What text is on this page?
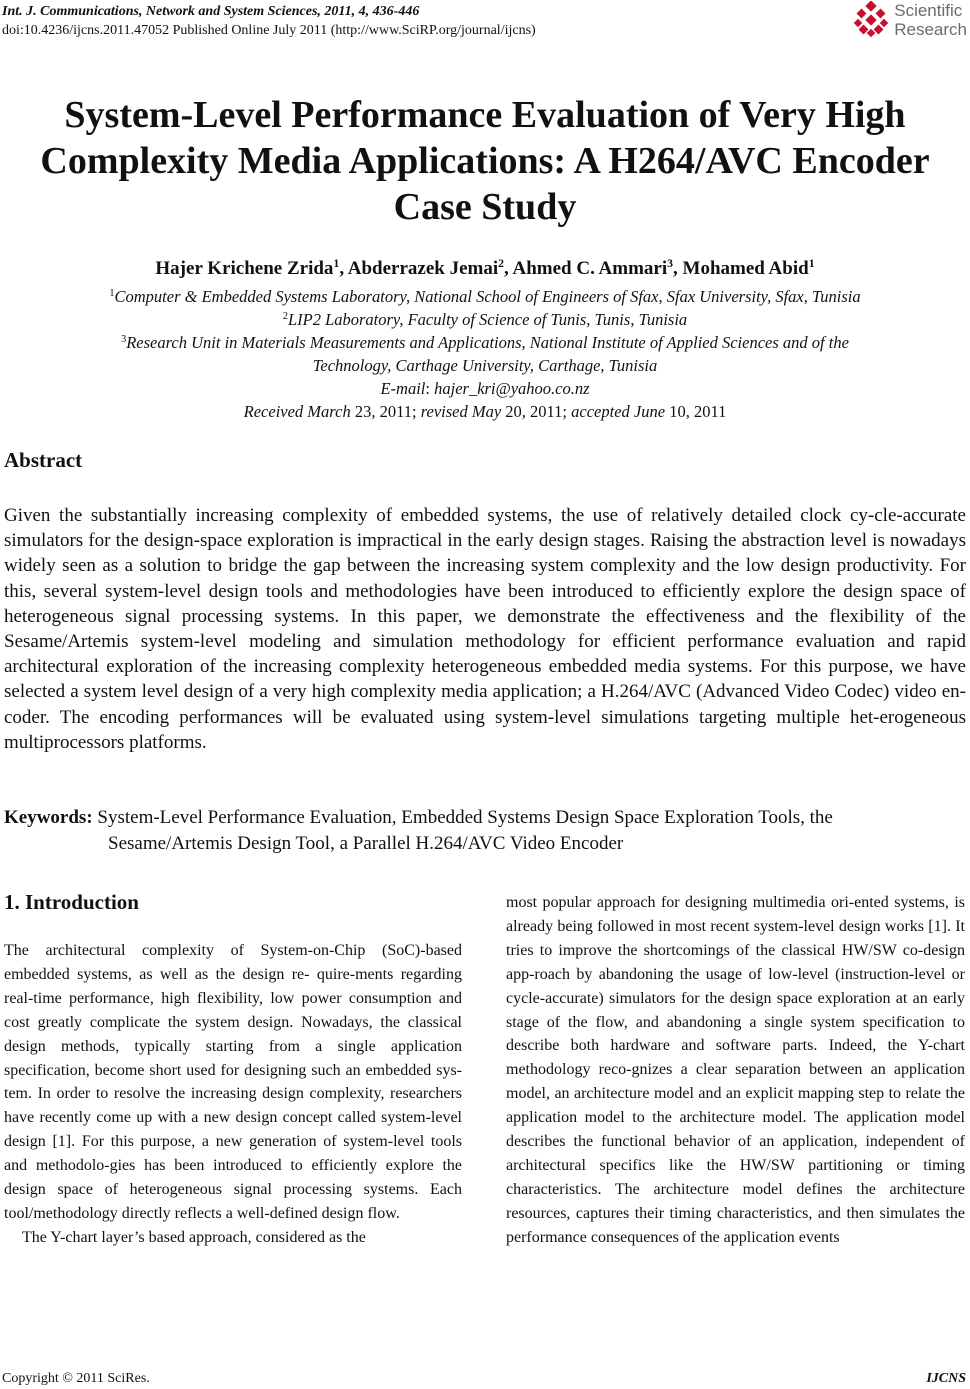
Int. J. Communications, Network and System Sciences, 2011, 4, 436-446
doi:10.4236/ijcns.2011.47052 Published Online July 2011 (http://www.SciRP.org/journal/ijcns)
Scientific
Research
System-Level Performance Evaluation of Very High
Complexity Media Applications: A H264/AVC Encoder
Case Study
Hajer Krichene Zrida$^1$, Abderrazek Jemai$^2$, Ahmed C. Ammari$^3$, Mohamed Abid$^1$
$^1$Computer & Embedded Systems Laboratory, National School of Engineers of Sfax, Sfax University, Sfax, Tunisia
$^2$LIP2 Laboratory, Faculty of Science of Tunis, Tunis, Tunisia
$^3$Research Unit in Materials Measurements and Applications, National Institute of Applied Sciences and of the
Technology, Carthage University, Carthage, Tunisia
E-mail: hajer_kri@yahoo.co.nz
Received March 23, 2011; revised May 20, 2011; accepted June 10, 2011
Abstract

Given the substantially increasing complexity of embedded systems, the use of relatively detailed clock cy-cle-accurate simulators for the design-space exploration is impractical in the early design stages. Raising the abstraction level is nowadays widely seen as a solution to bridge the gap between the increasing system complexity and the low design productivity. For this, several system-level design tools and methodologies have been introduced to efficiently explore the design space of heterogeneous signal processing systems. In this paper, we demonstrate the effectiveness and the flexibility of the Sesame/Artemis system-level modeling and simulation methodology for efficient performance evaluation and rapid architectural exploration of the increasing complexity heterogeneous embedded media systems. For this purpose, we have selected a system level design of a very high complexity media application; a H.264/AVC (Advanced Video Codec) video en-coder. The encoding performances will be evaluated using system-level simulations targeting multiple het-erogeneous multiprocessors platforms.

Keywords: System-Level Performance Evaluation, Embedded Systems Design Space Exploration Tools, the
Sesame/Artemis Design Tool, a Parallel H.264/AVC Video Encoder
1. Introduction

The architectural complexity of System-on-Chip (SoC)-based embedded systems, as well as the design re- quire-ments regarding real-time performance, high flexibility, low power consumption and cost greatly complicate the system design. Nowadays, the classical design methods, typically starting from a single application specification, become short used for designing such an embedded sys-tem. In order to resolve the increasing design complexity, researchers have recently come up with a new design concept called system-level design [1]. For this purpose, a new generation of system-level tools and methodolo-gies has been introduced to efficiently explore the design space of heterogeneous signal processing systems. Each tool/methodology directly reflects a well-defined design flow.

The Y-chart layer’s based approach, considered as the

most popular approach for designing multimedia ori-ented systems, is already being followed in most recent system-level design works [1]. It tries to improve the shortcomings of the classical HW/SW co-design app-roach by abandoning the usage of low-level (instruction-level or cycle-accurate) simulators for the design space exploration at an early stage of the flow, and abandoning a single system specification to describe both hardware and software parts. Indeed, the Y-chart methodology reco-gnizes a clear separation between an application model, an architecture model and an explicit mapping step to relate the application model to the architecture model. The application model describes the functional behavior of an application, independent of architectural specifics like the HW/SW partitioning or timing characteristics. The architecture model defines the architecture resources, captures their timing characteristics, and then simulates the performance consequences of the application events

Copyright © 2011 SciRes.	IJCNS
